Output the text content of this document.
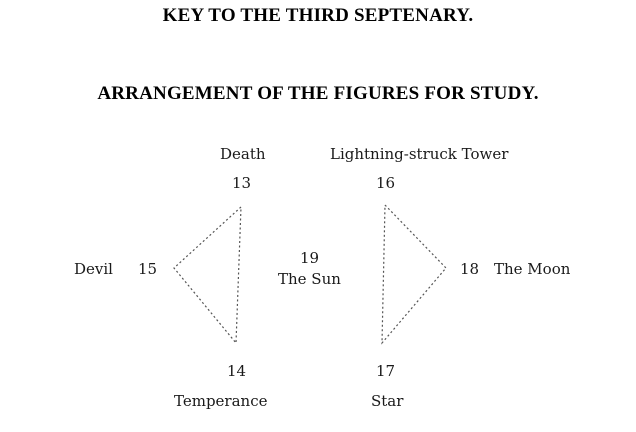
KEY TO THE THIRD SEPTENARY.
ARRANGEMENT OF THE FIGURES FOR STUDY.
Death
13
Lightning-struck Tower
16
Devil 15
19
The Sun
18 The Moon
14
Temperance
17
Star
